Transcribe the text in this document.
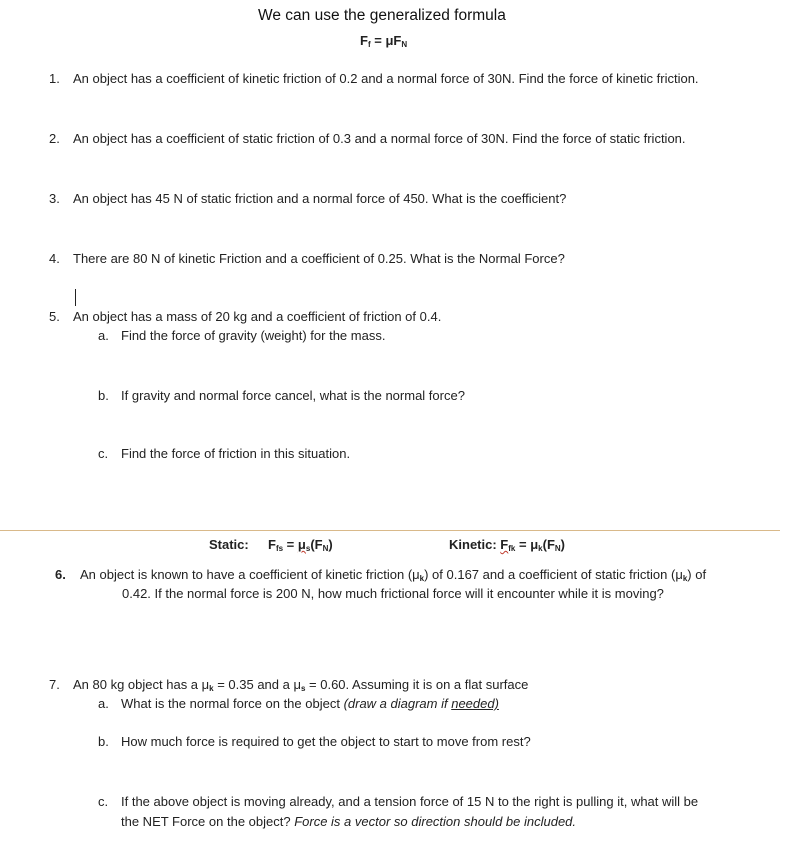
We can use the generalized formula
$F_f = \mu F_N$
1. An object has a coefficient of kinetic friction of 0.2 and a normal force of 30N. Find the force of kinetic friction.
2. An object has a coefficient of static friction of 0.3 and a normal force of 30N. Find the force of static friction.
3. An object has 45 N of static friction and a normal force of 450. What is the coefficient?
4. There are 80 N of kinetic Friction and a coefficient of 0.25. What is the Normal Force?
5. An object has a mass of 20 kg and a coefficient of friction of 0.4.
a. Find the force of gravity (weight) for the mass.
b. If gravity and normal force cancel, what is the normal force?
c. Find the force of friction in this situation.
Static: $F_{fs} = \mu_s(F_N)$	Kinetic: $F_{fk} = \mu_k(F_N)$
6. An object is known to have a coefficient of kinetic friction $(\mu_k)$ of 0.167 and a coefficient of static friction $(\mu_k)$ of
0.42. If the normal force is 200 N, how much frictional force will it encounter while it is moving?
7. An 80 kg object has a $\mu_k = 0.35$ and a $\mu_s = 0.60$. Assuming it is on a flat surface
a. What is the normal force on the object (draw a diagram if needed)
b. How much force is required to get the object to start to move from rest?
c. If the above object is moving already, and a tension force of 15 N to the right is pulling it, what will be
the NET Force on the object? Force is a vector so direction should be included.
